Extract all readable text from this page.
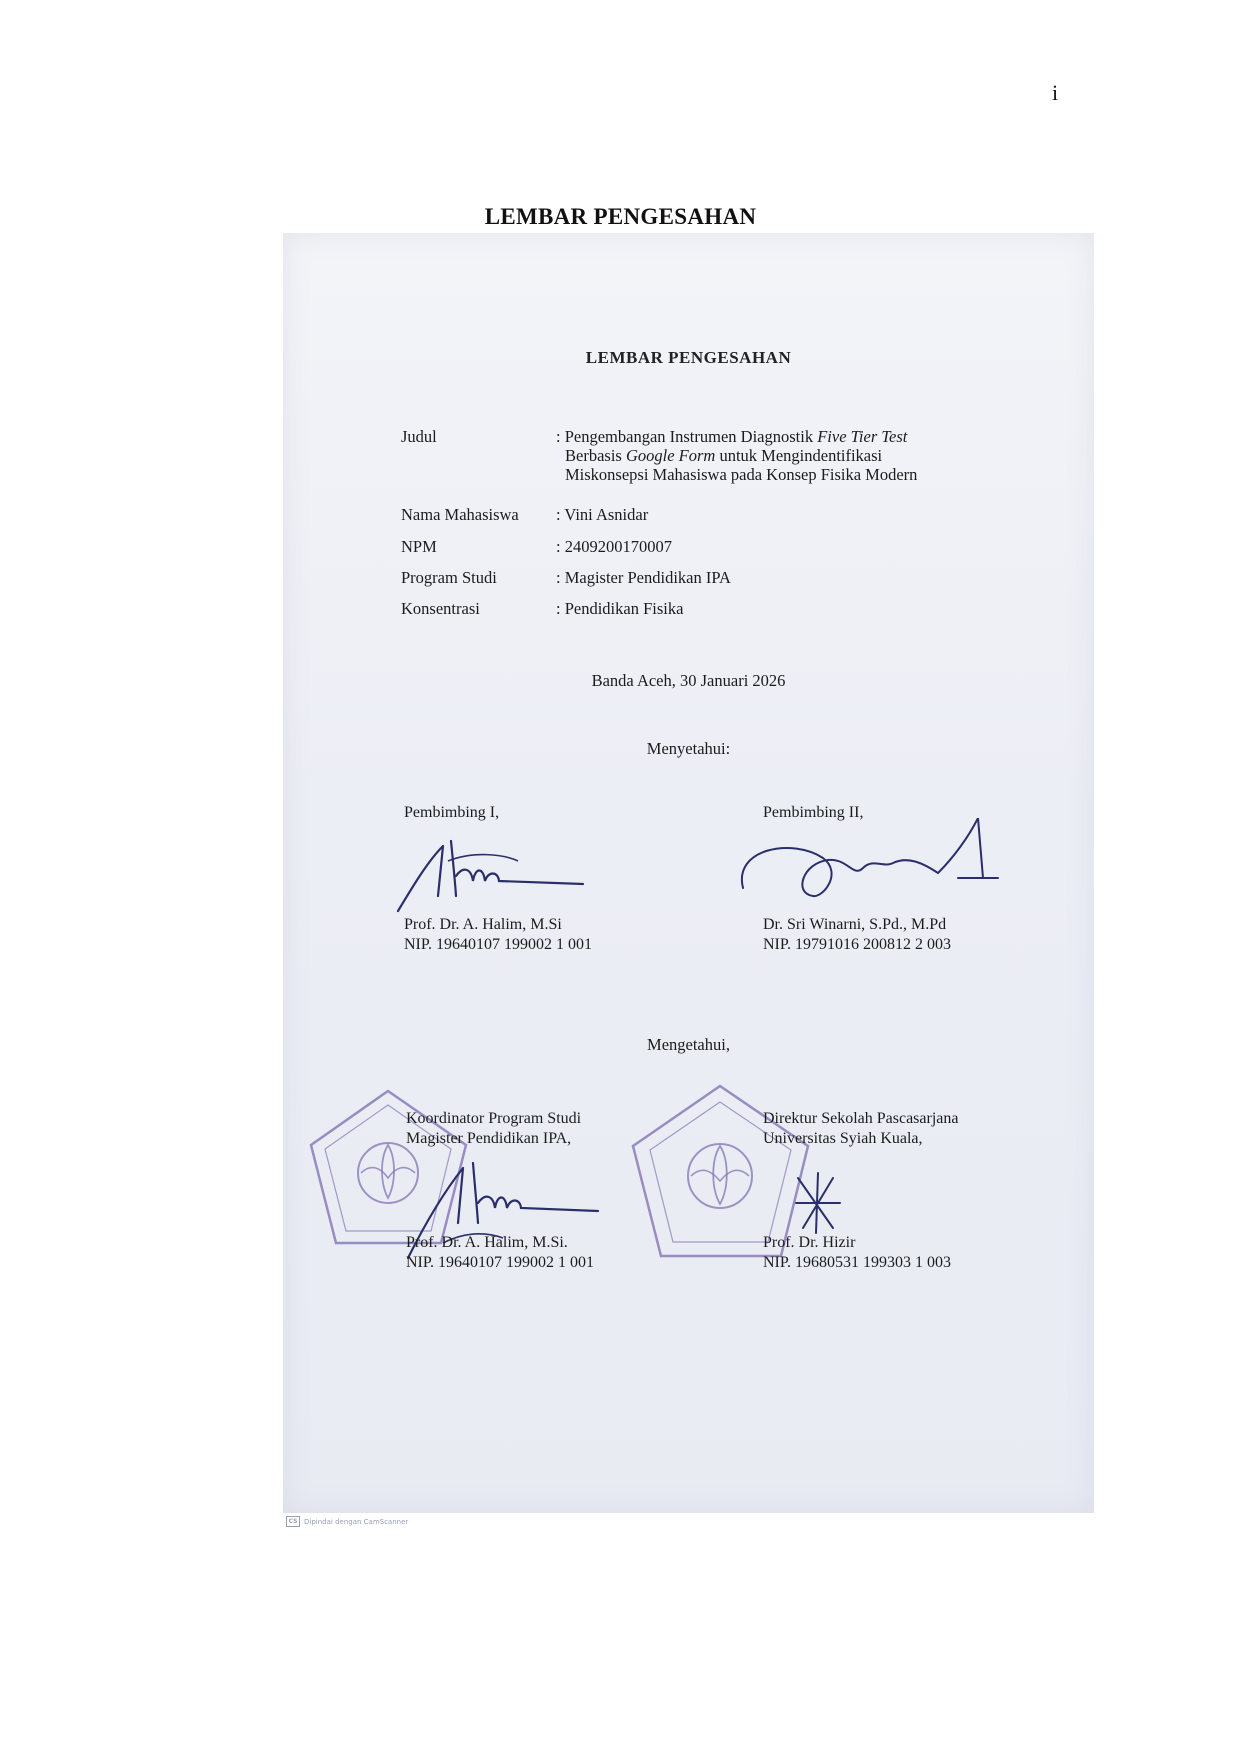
i
LEMBAR PENGESAHAN
LEMBAR PENGESAHAN
Judul	: Pengembangan Instrumen Diagnostik Five Tier Test
Berbasis Google Form untuk Mengindentifikasi
Miskonsepsi Mahasiswa pada Konsep Fisika Modern
Nama Mahasiswa : Vini Asnidar
NPM	: 2409200170007
Program Studi	: Magister Pendidikan IPA
Konsentrasi	: Pendidikan Fisika
Banda Aceh, 30 Januari 2026
Menyetahui:
Pembimbing I,
Prof. Dr. A. Halim, M.Si
NIP. 19640107 199002 1 001
Pembimbing II,
Dr. Sri Winarni, S.Pd., M.Pd
NIP. 19791016 200812 2 003
Mengetahui,
Koordinator Program Studi
Magister Pendidikan IPA,
Prof. Dr. A. Halim, M.Si.
NIP. 19640107 199002 1 001
Direktur Sekolah Pascasarjana
Universitas Syiah Kuala,
Prof. Dr. Hizir
NIP. 19680531 199303 1 003
CS Dipindai dengan CamScanner
